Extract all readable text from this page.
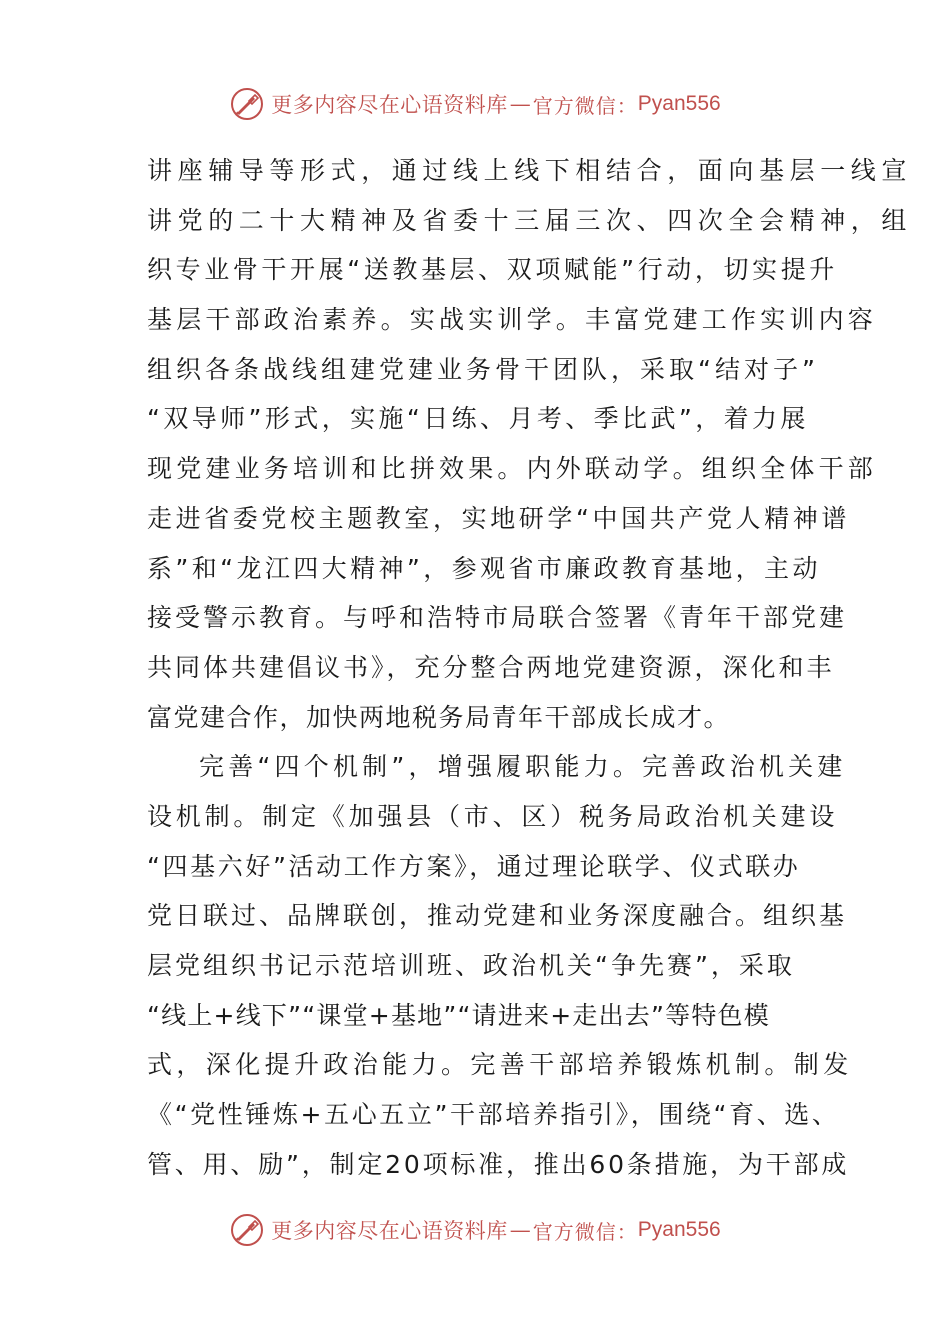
更多内容尽在心语资料库 — 官方微信： Pyan556
讲座辅导等形式，通过线上线下相结合，面向基层一线宣
讲党的二十大精神及省委十三届三次、四次全会精神，组
织专业骨干开展“送教基层、双项赋能”行动，切实提升
基层干部政治素养。实战实训学。丰富党建工作实训内容
组织各条战线组建党建业务骨干团队，采取“结对子”
“双导师”形式，实施“日练、月考、季比武”，着力展
现党建业务培训和比拼效果。内外联动学。组织全体干部
走进省委党校主题教室，实地研学“中国共产党人精神谱
系”和“龙江四大精神”，参观省市廉政教育基地，主动
接受警示教育。与呼和浩特市局联合签署《青年干部党建
共同体共建倡议书》，充分整合两地党建资源，深化和丰
富党建合作，加快两地税务局青年干部成长成才。
完善“四个机制”，增强履职能力。完善政治机关建
设机制。制定《加强县（市、区）税务局政治机关建设
“四基六好”活动工作方案》，通过理论联学、仪式联办
党日联过、品牌联创，推动党建和业务深度融合。组织基
层党组织书记示范培训班、政治机关“争先赛”，采取
“线上+线下”“课堂+基地”“请进来+走出去”等特色模
式，深化提升政治能力。完善干部培养锻炼机制。制发
《“党性锤炼+五心五立”干部培养指引》，围绕“育、选、
管、用、励”，制定20项标准，推出60条措施，为干部成
更多内容尽在心语资料库 — 官方微信： Pyan556
